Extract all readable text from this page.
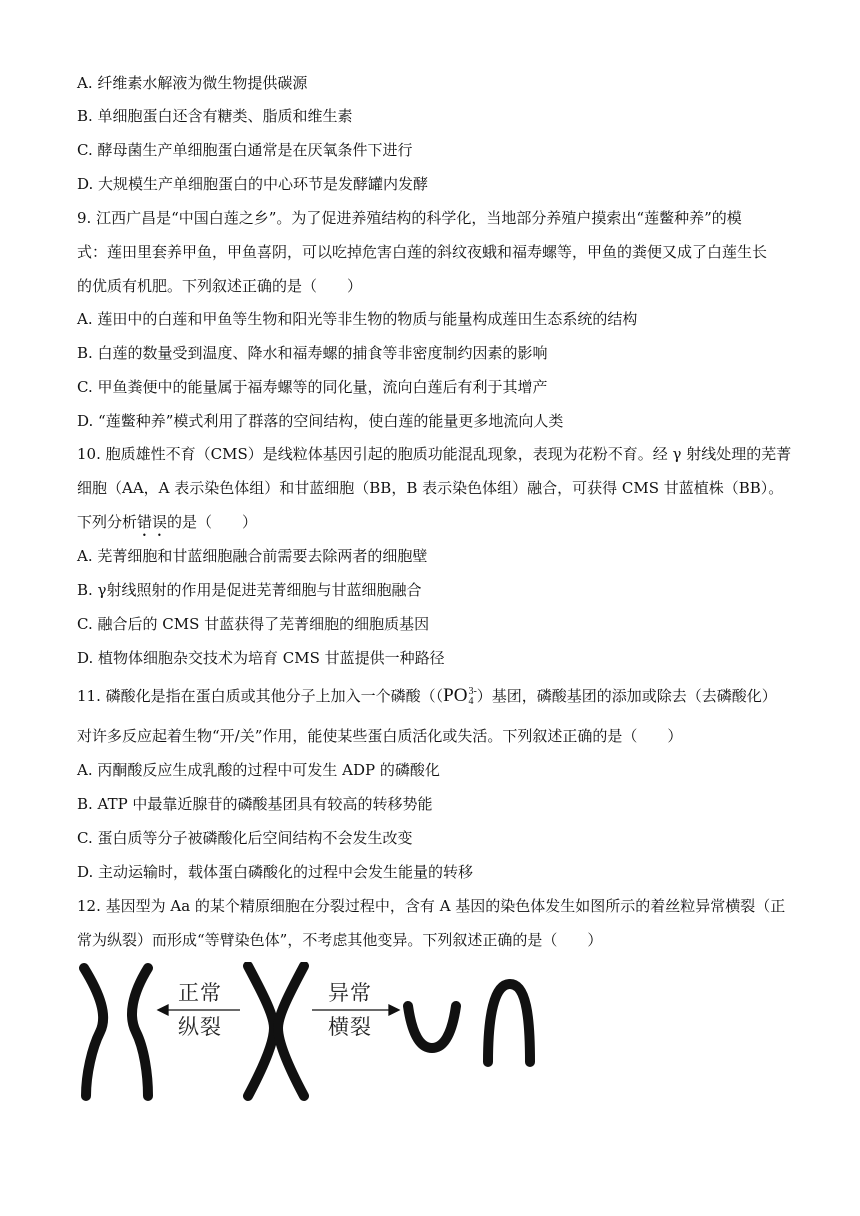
A. 纤维素水解液为微生物提供碳源
B. 单细胞蛋白还含有糖类、脂质和维生素
C. 酵母菌生产单细胞蛋白通常是在厌氧条件下进行
D. 大规模生产单细胞蛋白的中心环节是发酵罐内发酵
9. 江西广昌是“中国白莲之乡”。为了促进养殖结构的科学化，当地部分养殖户摸索出“莲鳖种养”的模
式：莲田里套养甲鱼，甲鱼喜阴，可以吃掉危害白莲的斜纹夜蛾和福寿螺等，甲鱼的粪便又成了白莲生长
的优质有机肥。下列叙述正确的是（　　）
A. 莲田中的白莲和甲鱼等生物和阳光等非生物的物质与能量构成莲田生态系统的结构
B. 白莲的数量受到温度、降水和福寿螺的捕食等非密度制约因素的影响
C. 甲鱼粪便中的能量属于福寿螺等的同化量，流向白莲后有利于其增产
D. “莲鳖种养”模式利用了群落的空间结构，使白莲的能量更多地流向人类
10. 胞质雄性不育（CMS）是线粒体基因引起的胞质功能混乱现象，表现为花粉不育。经 γ 射线处理的芜菁
细胞（AA，A 表示染色体组）和甘蓝细胞（BB，B 表示染色体组）融合，可获得 CMS 甘蓝植株（BB）。
下列分析错误的是（　　）
A. 芜菁细胞和甘蓝细胞融合前需要去除两者的细胞壁
B. γ射线照射的作用是促进芜菁细胞与甘蓝细胞融合
C. 融合后的 CMS 甘蓝获得了芜菁细胞的细胞质基因
D. 植物体细胞杂交技术为培育 CMS 甘蓝提供一种路径
11. 磷酸化是指在蛋白质或其他分子上加入一个磷酸（（PO 3-
4 ）基团，磷酸基团的添加或除去（去磷酸化）
对许多反应起着生物“开/关”作用，能使某些蛋白质活化或失活。下列叙述正确的是（　　）
A. 丙酮酸反应生成乳酸的过程中可发生 ADP 的磷酸化
B. ATP 中最靠近腺苷的磷酸基团具有较高的转移势能
C. 蛋白质等分子被磷酸化后空间结构不会发生改变
D. 主动运输时，载体蛋白磷酸化的过程中会发生能量的转移
12. 基因型为 Aa 的某个精原细胞在分裂过程中，含有 A 基因的染色体发生如图所示的着丝粒异常横裂（正
常为纵裂）而形成“等臂染色体”，不考虑其他变异。下列叙述正确的是（　　）
正常
纵裂
异常
横裂
